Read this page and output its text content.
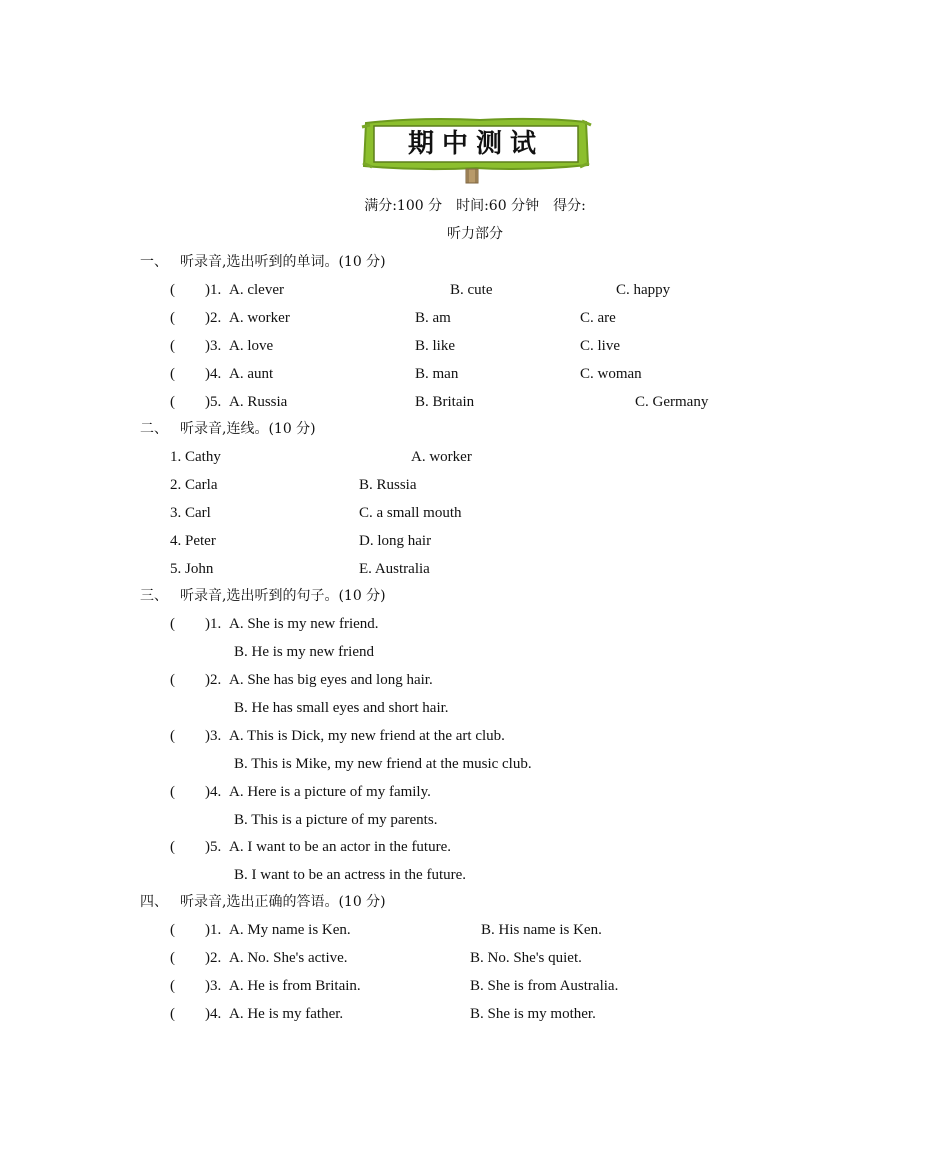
期中测试
满分:100 分　时间:60 分钟　得分:
听力部分
一、 听录音,选出听到的单词。(10 分)
(　　)1. A. clever	B. cute	C. happy
(　　)2. A. worker	B. am	C. are
(　　)3. A. love	B. like	C. live
(　　)4. A. aunt	B. man	C. woman
(　　)5. A. Russia	B. Britain	C. Germany
二、 听录音,连线。(10 分)
1. Cathy	A. worker
2. Carla	B. Russia
3. Carl	C. a small mouth
4. Peter	D. long hair
5. John	E. Australia
三、 听录音,选出听到的句子。(10 分)
(　　)1. A. She is my new friend.
B. He is my new friend
(　　)2. A. She has big eyes and long hair.
B. He has small eyes and short hair.
(　　)3. A. This is Dick, my new friend at the art club.
B. This is Mike, my new friend at the music club.
(　　)4. A. Here is a picture of my family.
B. This is a picture of my parents.
(　　)5. A. I want to be an actor in the future.
B. I want to be an actress in the future.
四、 听录音,选出正确的答语。(10 分)
(　　)1. A. My name is Ken.	B. His name is Ken.
(　　)2. A. No. She's active.	B. No. She's quiet.
(　　)3. A. He is from Britain.	B. She is from Australia.
(　　)4. A. He is my father.	B. She is my mother.
